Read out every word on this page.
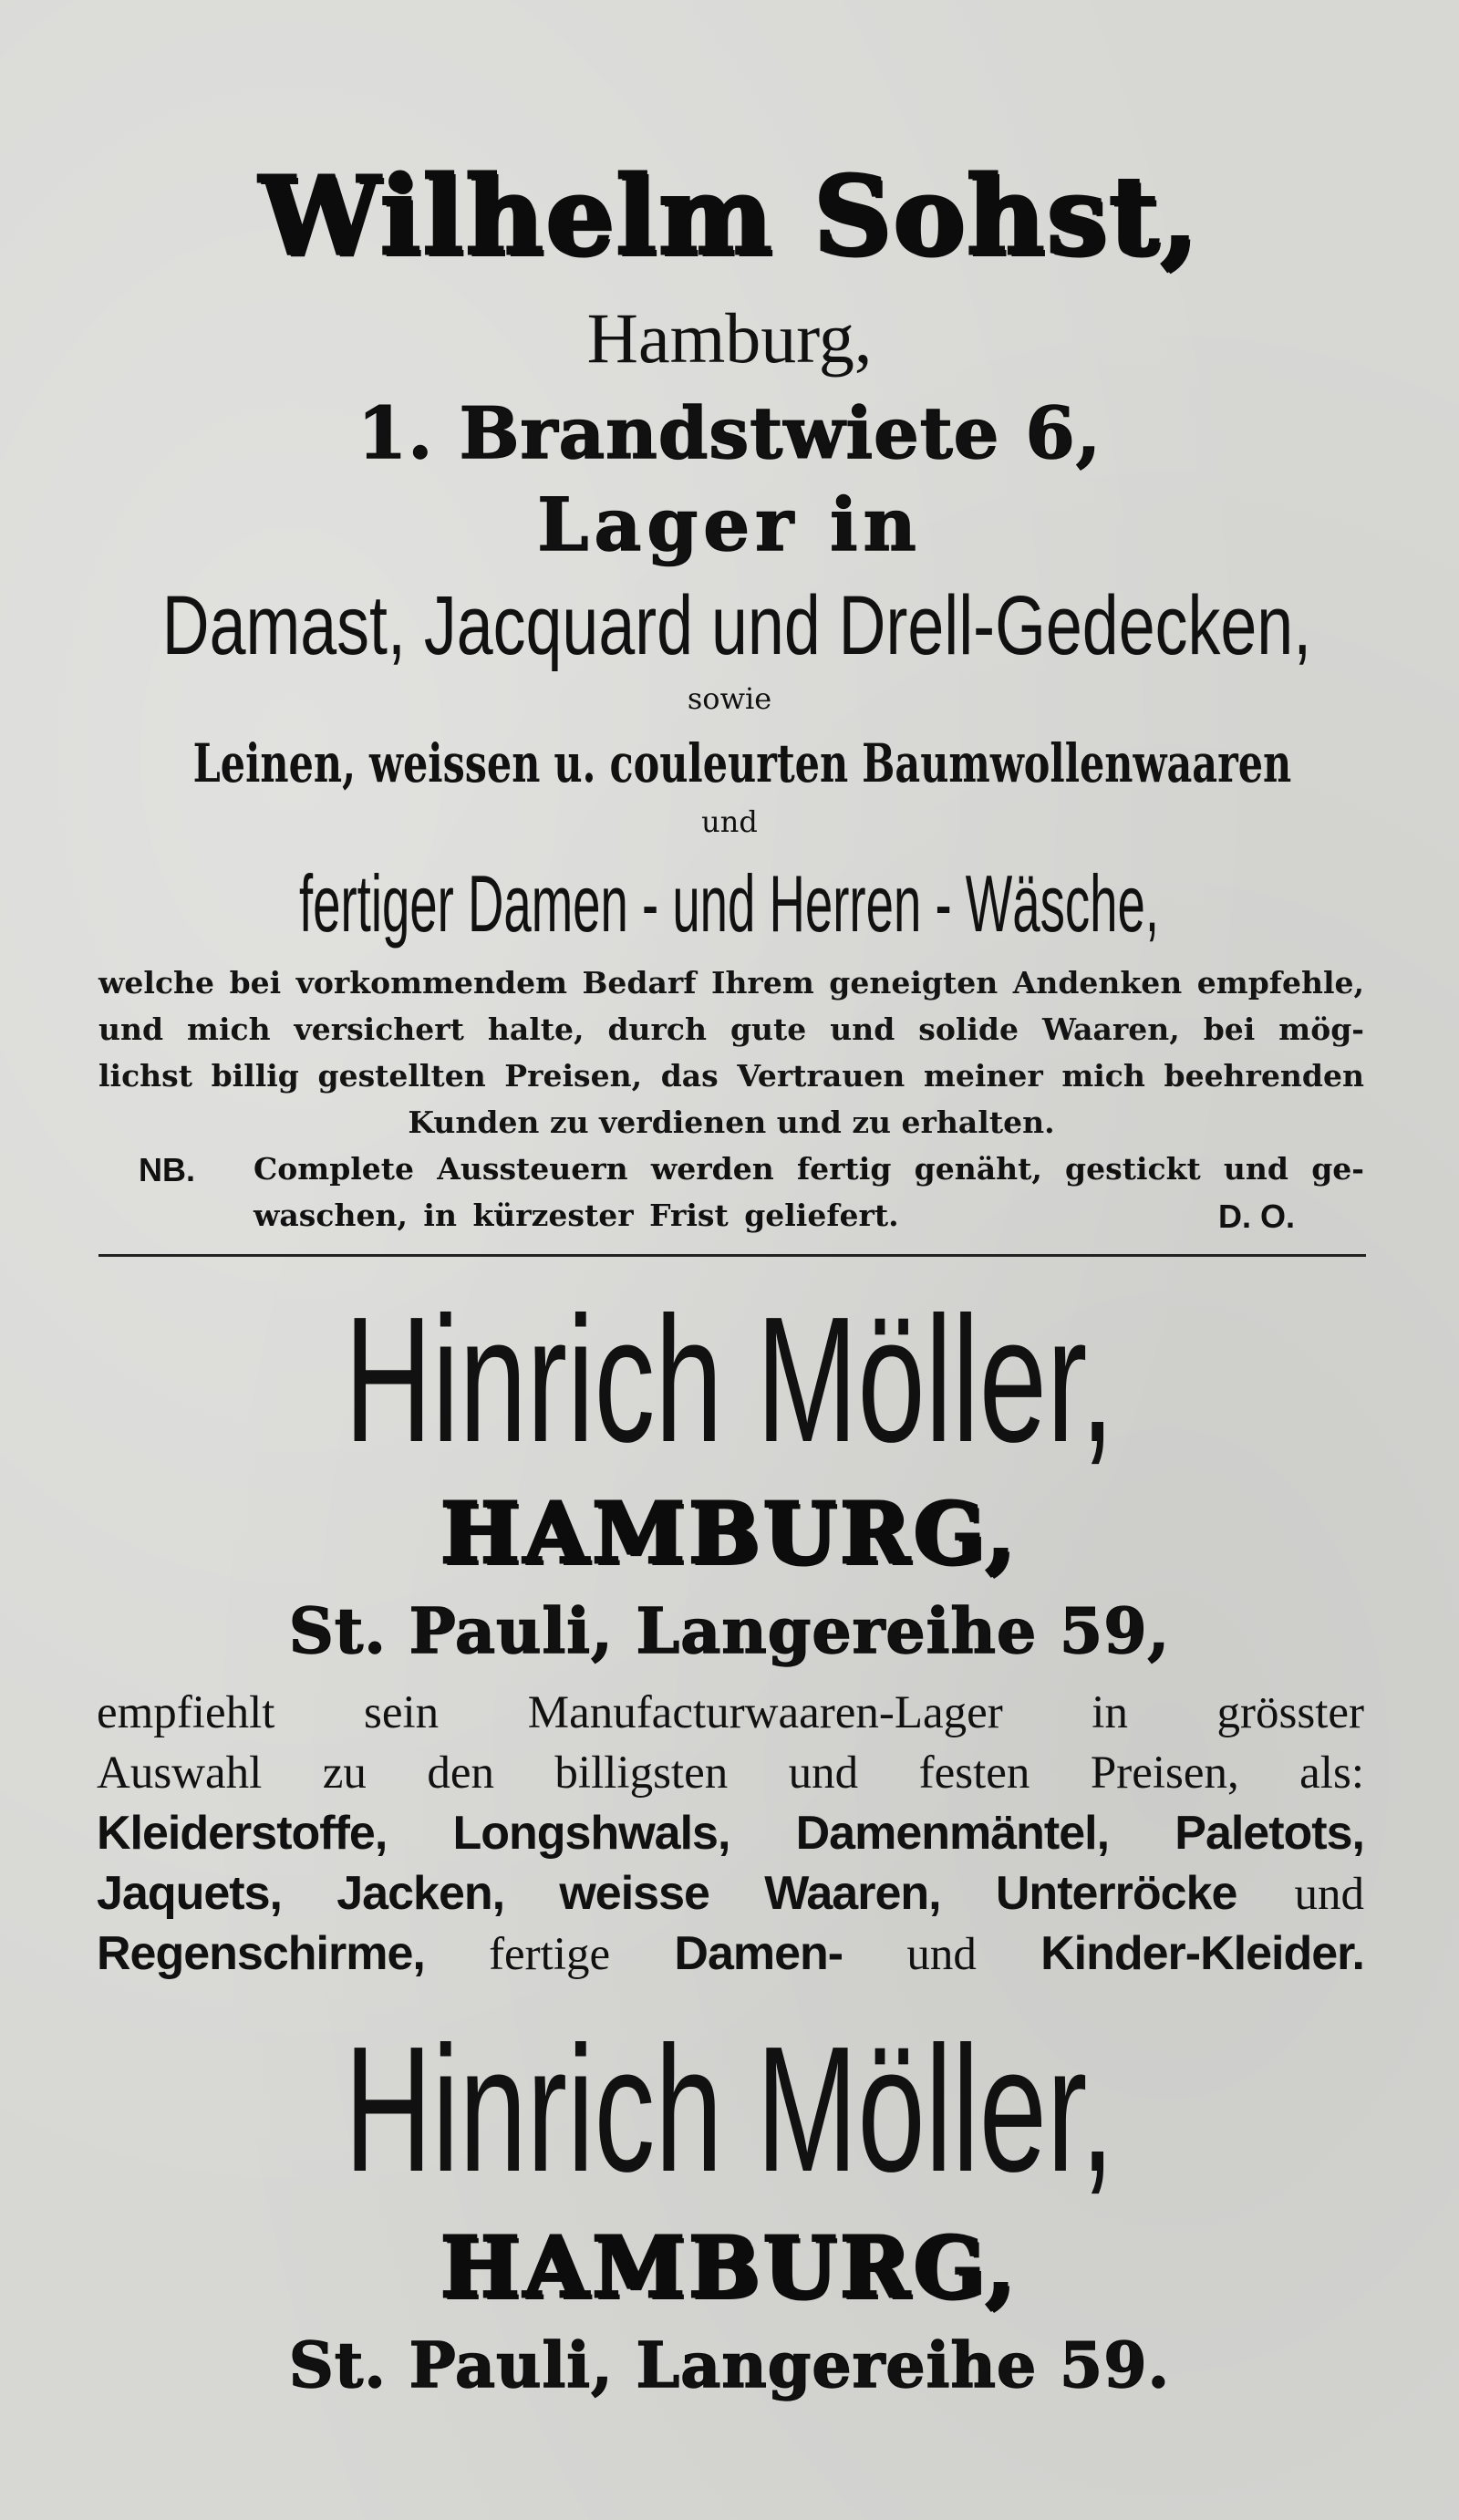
Wilhelm Sohst,
Hamburg,
1. Brandstwiete 6,
Lager in
Damast, Jacquard und Drell-Gedecken,
sowie
Leinen, weissen u. couleurten Baumwollenwaaren
und
fertiger Damen - und Herren - Wäsche,
welche bei vorkommendem Bedarf Ihrem geneigten Andenken empfehle,
und mich versichert halte, durch gute und solide Waaren, bei mög-
lichst billig gestellten Preisen, das Vertrauen meiner mich beehrenden
Kunden zu verdienen und zu erhalten.
NB. Complete Aussteuern werden fertig genäht, gestickt und ge-
waschen, in kürzester Frist geliefert.	D. O.
Hinrich Möller,
HAMBURG,
St. Pauli, Langereihe 59,
empfiehlt sein Manufacturwaaren-Lager in grösster
Auswahl zu den billigsten und festen Preisen, als:
Kleiderstoffe, Longshwals, Damenmäntel, Paletots,
Jaquets, Jacken, weisse Waaren, Unterröcke und
Regenschirme, fertige Damen- und Kinder-Kleider.
Hinrich Möller,
HAMBURG,
St. Pauli, Langereihe 59.
